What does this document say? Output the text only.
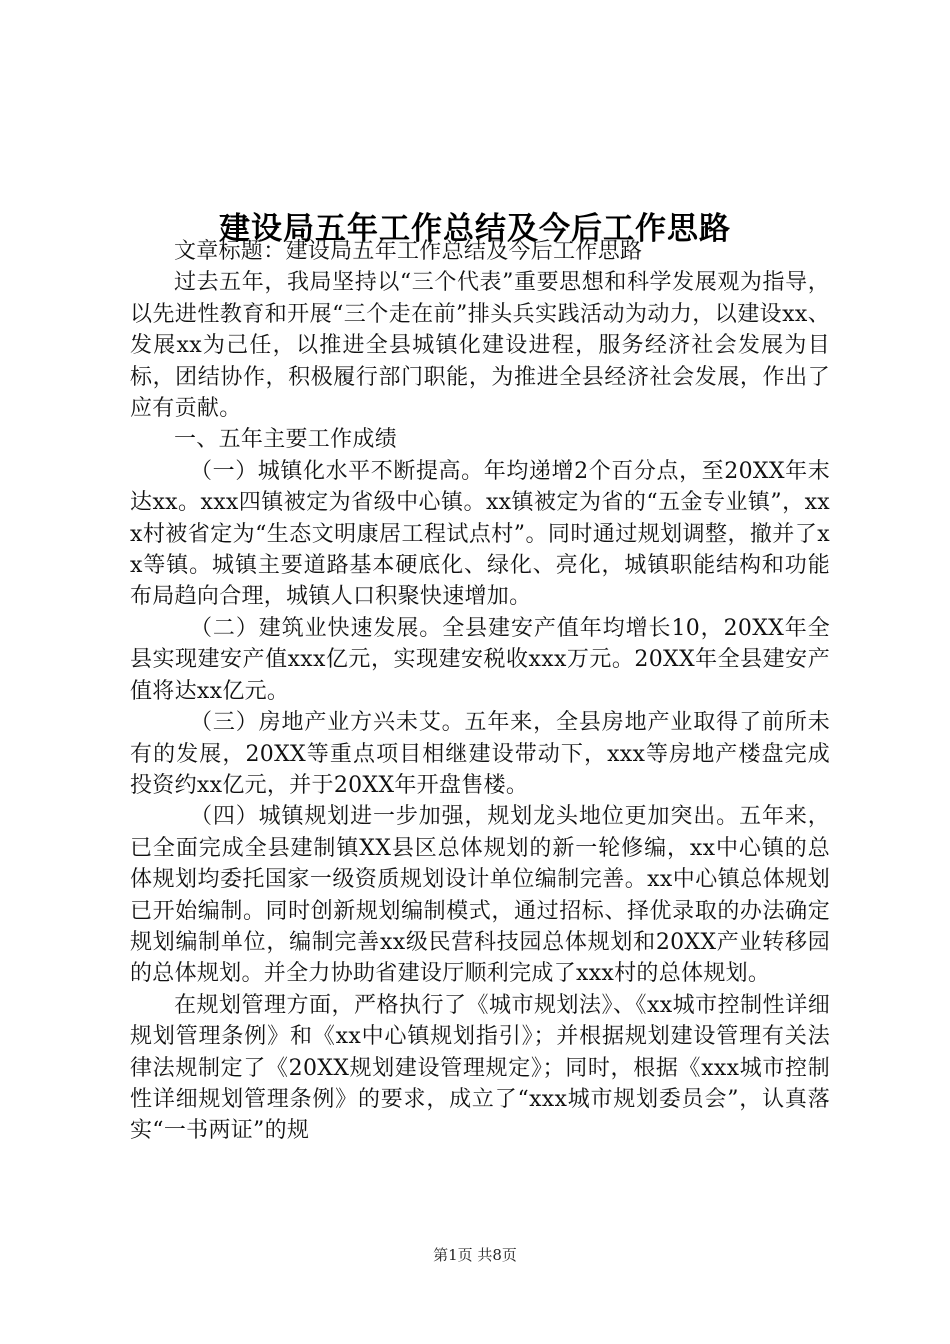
建设局五年工作总结及今后工作思路

文章标题：建设局五年工作总结及今后工作思路

过去五年，我局坚持以“三个代表”重要思想和科学发展观为指导，以先进性教育和开展“三个走在前”排头兵实践活动为动力，以建设xx、发展xx为己任，以推进全县城镇化建设进程，服务经济社会发展为目标，团结协作，积极履行部门职能，为推进全县经济社会发展，作出了应有贡献。

一、五年主要工作成绩

（一）城镇化水平不断提高。年均递增2个百分点，至20XX年末达xx。xxx四镇被定为省级中心镇。xx镇被定为省的“五金专业镇”，xxx村被省定为“生态文明康居工程试点村”。同时通过规划调整，撤并了xx等镇。城镇主要道路基本硬底化、绿化、亮化，城镇职能结构和功能布局趋向合理，城镇人口积聚快速增加。

（二）建筑业快速发展。全县建安产值年均增长10，20XX年全县实现建安产值xxx亿元，实现建安税收xxx万元。20XX年全县建安产值将达xx亿元。

（三）房地产业方兴未艾。五年来，全县房地产业取得了前所未有的发展，20XX等重点项目相继建设带动下，xxx等房地产楼盘完成投资约xx亿元，并于20XX年开盘售楼。

（四）城镇规划进一步加强，规划龙头地位更加突出。五年来，已全面完成全县建制镇XX县区总体规划的新一轮修编，xx中心镇的总体规划均委托国家一级资质规划设计单位编制完善。xx中心镇总体规划已开始编制。同时创新规划编制模式，通过招标、择优录取的办法确定规划编制单位，编制完善xx级民营科技园总体规划和20XX产业转移园的总体规划。并全力协助省建设厅顺利完成了xxx村的总体规划。

在规划管理方面，严格执行了《城市规划法》、《xx城市控制性详细规划管理条例》和《xx中心镇规划指引》；并根据规划建设管理有关法律法规制定了《20XX规划建设管理规定》；同时，根据《xxx城市控制性详细规划管理条例》的要求，成立了“xxx城市规划委员会”，认真落实“一书两证”的规

第1页 共8页
